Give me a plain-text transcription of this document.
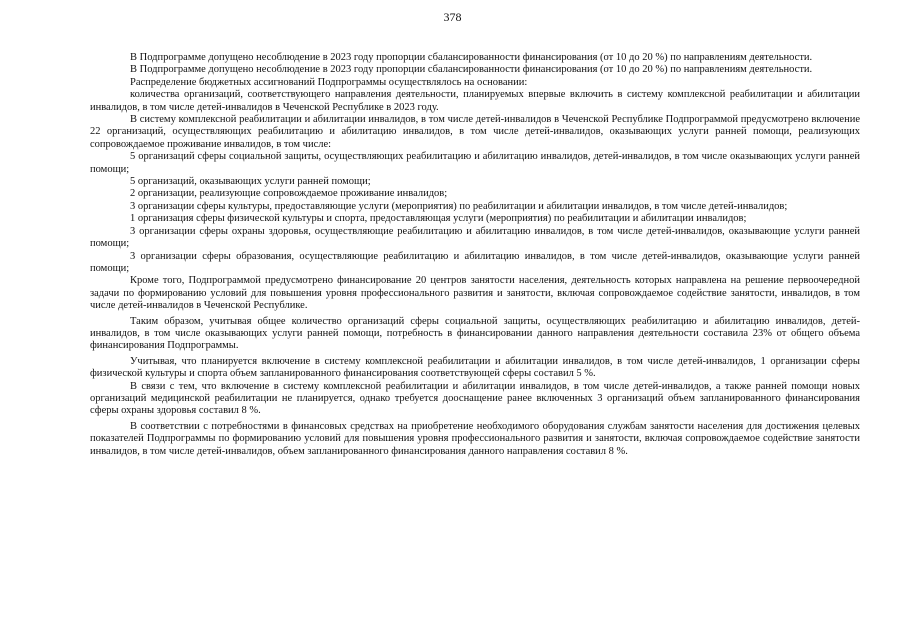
378

В Подпрограмме допущено несоблюдение в 2023 году пропорции сбалансированности финансирования (от 10 до 20 %) по направлениям деятельности.

В Подпрограмме допущено несоблюдение в 2023 году пропорции сбалансированности финансирования (от 10 до 20 %) по направлениям деятельности.

Распределение бюджетных ассигнований Подпрограммы осуществлялось на основании:

количества организаций, соответствующего направления деятельности, планируемых впервые включить в систему комплексной реабилитации и абилитации инвалидов, в том числе детей-инвалидов в Чеченской Республике в 2023 году.

В систему комплексной реабилитации и абилитации инвалидов, в том числе детей-инвалидов в Чеченской Республике Подпрограммой предусмотрено включение 22 организаций, осуществляющих реабилитацию и абилитацию инвалидов, в том числе детей-инвалидов, оказывающих услуги ранней помощи, реализующих сопровождаемое проживание инвалидов, в том числе:

5 организаций сферы социальной защиты, осуществляющих реабилитацию и абилитацию инвалидов, детей-инвалидов, в том числе оказывающих услуги ранней помощи;

5 организаций, оказывающих услуги ранней помощи;

2 организации, реализующие сопровождаемое проживание инвалидов;

3 организации сферы культуры, предоставляющие услуги (мероприятия) по реабилитации и абилитации инвалидов, в том числе детей-инвалидов;

1 организация сферы физической культуры и спорта, предоставляющая услуги (мероприятия) по реабилитации и абилитации инвалидов;

3 организации сферы охраны здоровья, осуществляющие реабилитацию и абилитацию инвалидов, в том числе детей-инвалидов, оказывающие услуги ранней помощи;

3 организации сферы образования, осуществляющие реабилитацию и абилитацию инвалидов, в том числе детей-инвалидов, оказывающие услуги ранней помощи;

Кроме того, Подпрограммой предусмотрено финансирование 20 центров занятости населения, деятельность которых направлена на решение первоочередной задачи по формированию условий для повышения уровня профессионального развития и занятости, включая сопровождаемое содействие занятости, инвалидов, в том числе детей-инвалидов в Чеченской Республике.

Таким образом, учитывая общее количество организаций сферы социальной защиты, осуществляющих реабилитацию и абилитацию инвалидов, детей-инвалидов, в том числе оказывающих услуги ранней помощи, потребность в финансировании данного направления деятельности составила 23% от общего объема финансирования Подпрограммы.

Учитывая, что планируется включение в систему комплексной реабилитации и абилитации инвалидов, в том числе детей-инвалидов, 1 организации сферы физической культуры и спорта объем запланированного финансирования соответствующей сферы составил 5 %.

В связи с тем, что включение в систему комплексной реабилитации и абилитации инвалидов, в том числе детей-инвалидов, а также ранней помощи новых организаций медицинской реабилитации не планируется, однако требуется дооснащение ранее включенных 3 организаций объем запланированного финансирования сферы охраны здоровья составил 8 %.

В соответствии с потребностями в финансовых средствах на приобретение необходимого оборудования службам занятости населения для достижения целевых показателей Подпрограммы по формированию условий для повышения уровня профессионального развития и занятости, включая сопровождаемое содействие занятости инвалидов, в том числе детей-инвалидов, объем запланированного финансирования данного направления составил 8 %.
